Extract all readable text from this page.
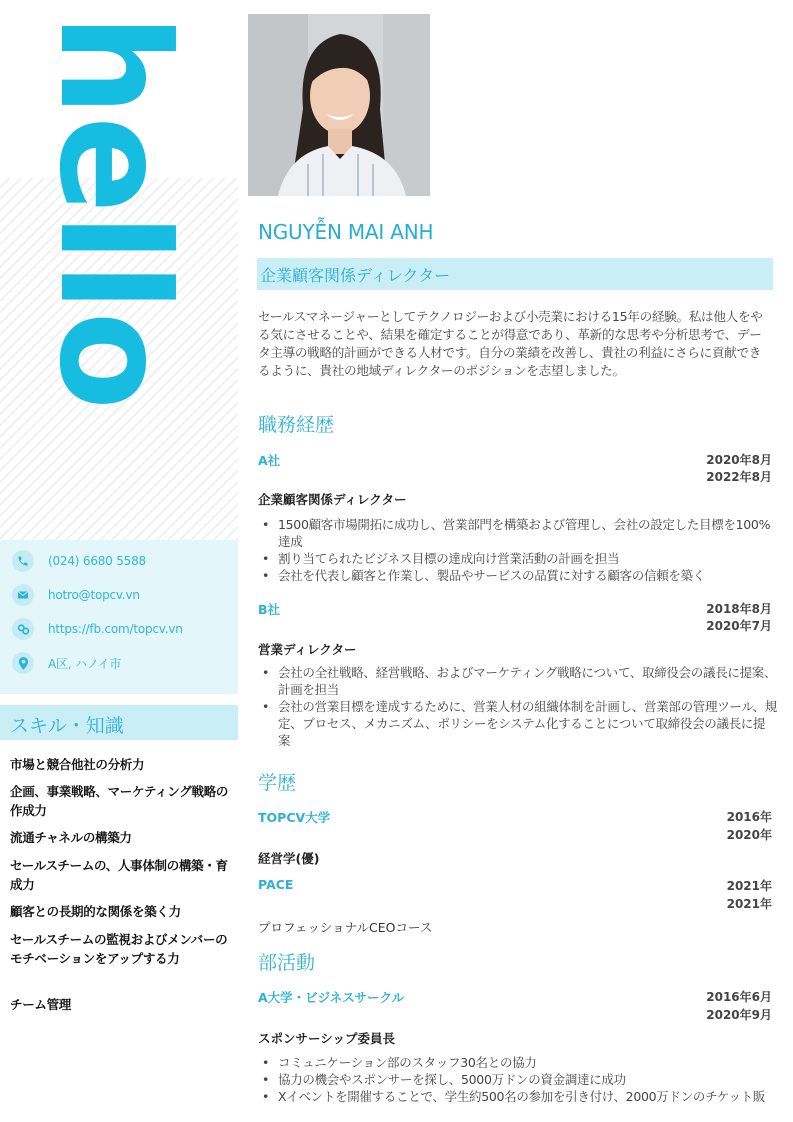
hello
(024) 6680 5588
hotro@topcv.vn
https://fb.com/topcv.vn
A区, ハノイ市
スキル・知識
市場と競合他社の分析力
企画、事業戦略、マーケティング戦略の作成力
流通チャネルの構築力
セールスチームの、人事体制の構築・育成力
顧客との長期的な関係を築く力
セールスチームの監視およびメンバーのモチベーションをアップする力
チーム管理
NGUYỄN MAI ANH
企業顧客関係ディレクター
セールスマネージャーとしてテクノロジーおよび小売業における15年の経験。私は他人をやる気にさせることや、結果を確定することが得意であり、革新的な思考や分析思考で、データ主導の戦略的計画ができる人材です。自分の業績を改善し、貴社の利益にさらに貢献できるように、貴社の地域ディレクターのポジションを志望しました。
職務経歴
A社	2020年8月
2022年8月
企業顧客関係ディレクター
• 1500顧客市場開拓に成功し、営業部門を構築および管理し、会社の設定した目標を100% 達成
• 割り当てられたビジネス目標の達成向け営業活動の計画を担当
• 会社を代表し顧客と作業し、製品やサービスの品質に対する顧客の信頼を築く
B社	2018年8月
2020年7月
営業ディレクター
• 会社の全社戦略、経営戦略、およびマーケティング戦略について、取締役会の議長に提案、計画を担当
• 会社の営業目標を達成するために、営業人材の組織体制を計画し、営業部の管理ツール、規定、プロセス、メカニズム、ポリシーをシステム化することについて取締役会の議長に提案
学歴
TOPCV大学	2016年
2020年
経営学(優)
PACE	2021年
2021年
プロフェッショナルCEOコース
部活動
A大学・ビジネスサークル	2016年6月
2020年9月
スポンサーシップ委員長
• コミュニケーション部のスタッフ30名との協力
• 協力の機会やスポンサーを探し、5000万ドンの資金調達に成功
• Xイベントを開催することで、学生約500名の参加を引き付け、2000万ドンのチケット販
